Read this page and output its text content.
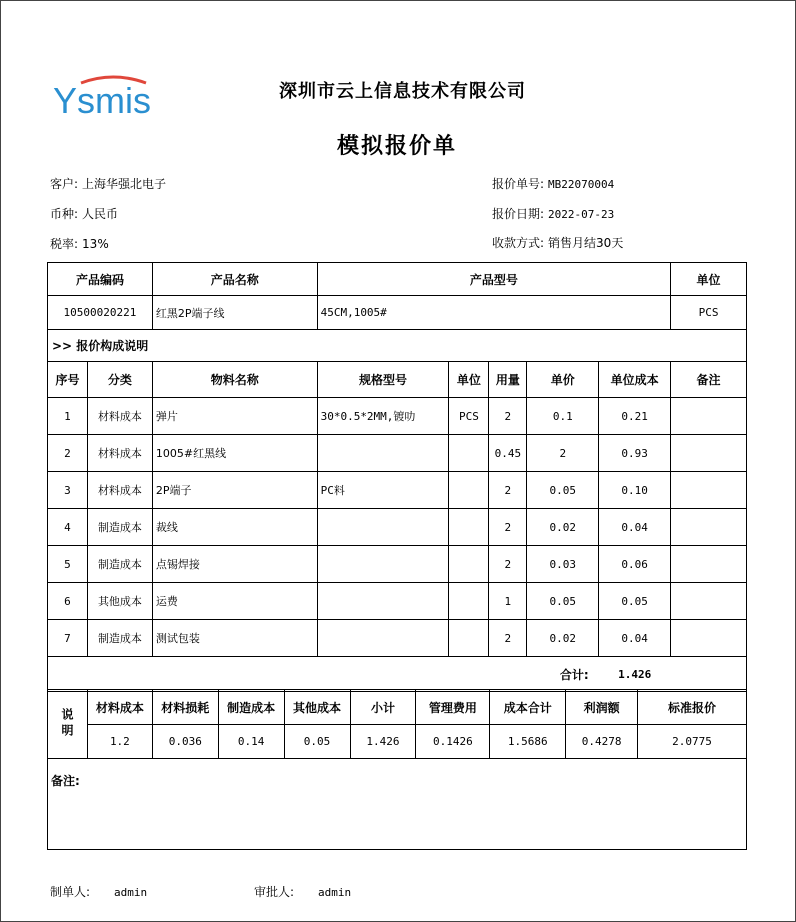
Ysmis	深圳市云上信息技术有限公司
模拟报价单
客户: 上海华强北电子
币种: 人民币
税率: 13%
报价单号: MB22070004
报价日期: 2022-07-23
收款方式: 销售月结30天
产品编码		产品名称	产品型号					单位
10500020221		红黑2P端子线	45CM,1005#					PCS
>> 报价构成说明								
序号	分类	物料名称	规格型号	单位	用量	单价	单位成本	备注
1	材料成本	弹片	30*0.5*2MM,镀叻	PCS	2	0.1	0.21	
2	材料成本	1005#红黑线			0.45	2	0.93	
3	材料成本	2P端子	PC料		2	0.05	0.10	
4	制造成本	裁线			2	0.02	0.04	
5	制造成本	点锡焊接			2	0.03	0.06	
6	其他成本	运费			1	0.05	0.05	
7	制造成本	测试包装			2	0.02	0.04	
						合计:	1.426	
说明	材料成本	材料损耗	制造成本	其他成本	小计	管理费用	成本合计	利润额	标准报价
	1.2	0.036	0.14	0.05	1.426	0.1426	1.5686	0.4278	2.0775
备注:
制单人: admin	审批人: admin
